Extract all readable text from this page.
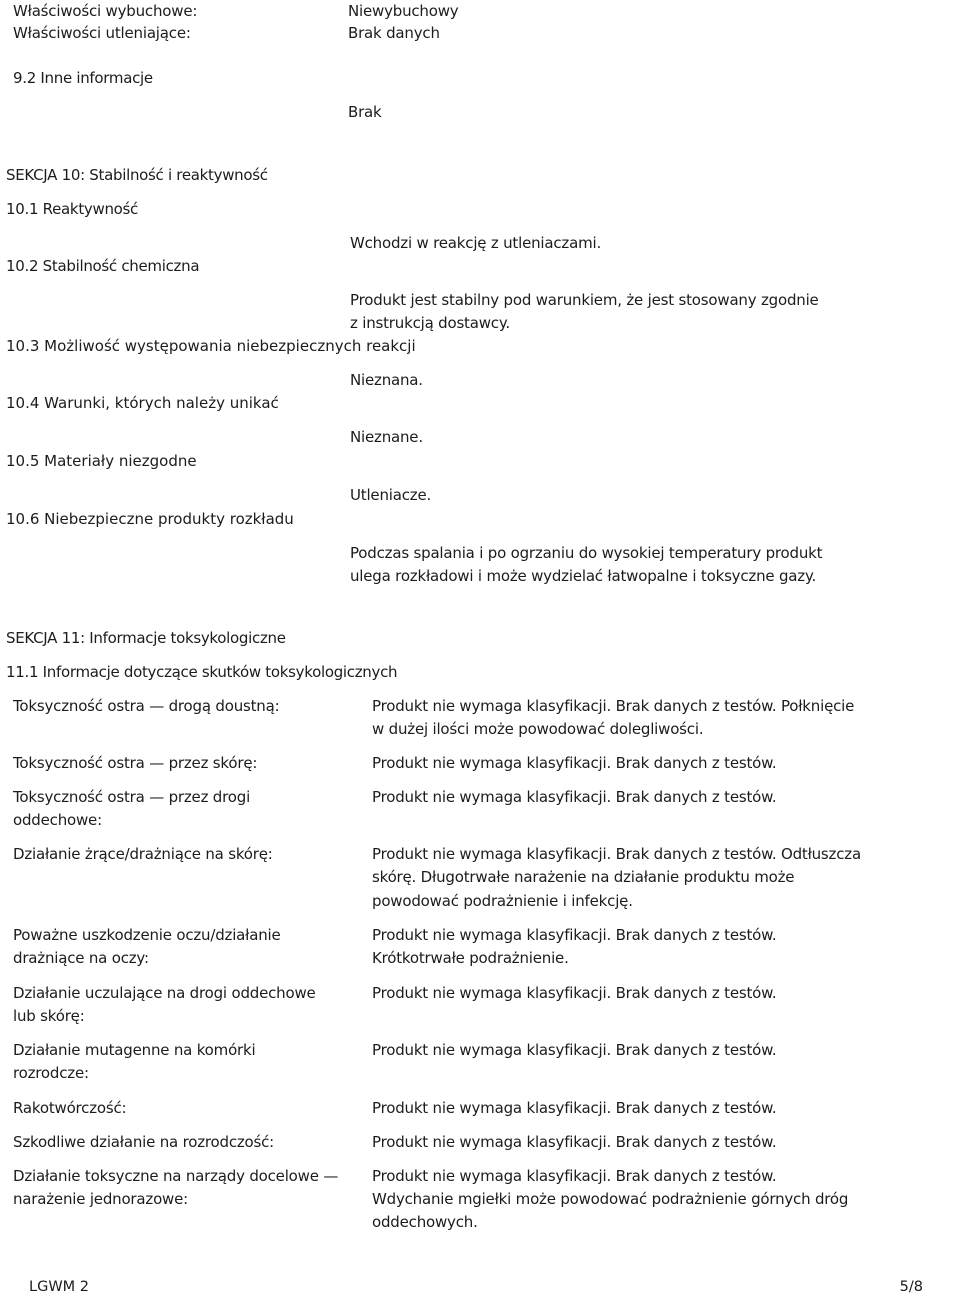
Właściwości wybuchowe:	Niewybuchowy
Właściwości utleniające:	Brak danych
9.2 Inne informacje
Brak
SEKCJA 10: Stabilność i reaktywność
10.1 Reaktywność
Wchodzi w reakcję z utleniaczami.
10.2 Stabilność chemiczna
Produkt jest stabilny pod warunkiem, że jest stosowany zgodnie
z instrukcją dostawcy.
10.3 Możliwość występowania niebezpiecznych reakcji
Nieznana.
10.4 Warunki, których należy unikać
Nieznane.
10.5 Materiały niezgodne
Utleniacze.
10.6 Niebezpieczne produkty rozkładu
Podczas spalania i po ogrzaniu do wysokiej temperatury produkt
ulega rozkładowi i może wydzielać łatwopalne i toksyczne gazy.
SEKCJA 11: Informacje toksykologiczne
11.1 Informacje dotyczące skutków toksykologicznych
Toksyczność ostra — drogą doustną:	Produkt nie wymaga klasyfikacji. Brak danych z testów. Połknięcie
w dużej ilości może powodować dolegliwości.
Toksyczność ostra — przez skórę:	Produkt nie wymaga klasyfikacji. Brak danych z testów.
Toksyczność ostra — przez drogi
oddechowe:
Produkt nie wymaga klasyfikacji. Brak danych z testów.
Działanie żrące/drażniące na skórę:	Produkt nie wymaga klasyfikacji. Brak danych z testów. Odtłuszcza
skórę. Długotrwałe narażenie na działanie produktu może
powodować podrażnienie i infekcję.
Poważne uszkodzenie oczu/działanie
drażniące na oczy:
Produkt nie wymaga klasyfikacji. Brak danych z testów.
Krótkotrwałe podrażnienie.
Działanie uczulające na drogi oddechowe
lub skórę:
Produkt nie wymaga klasyfikacji. Brak danych z testów.
Działanie mutagenne na komórki
rozrodcze:
Produkt nie wymaga klasyfikacji. Brak danych z testów.
Rakotwórczość:	Produkt nie wymaga klasyfikacji. Brak danych z testów.
Szkodliwe działanie na rozrodczość:	Produkt nie wymaga klasyfikacji. Brak danych z testów.
Działanie toksyczne na narządy docelowe —
narażenie jednorazowe:
Produkt nie wymaga klasyfikacji. Brak danych z testów.
Wdychanie mgiełki może powodować podrażnienie górnych dróg
oddechowych.
LGWM 2	5/8
